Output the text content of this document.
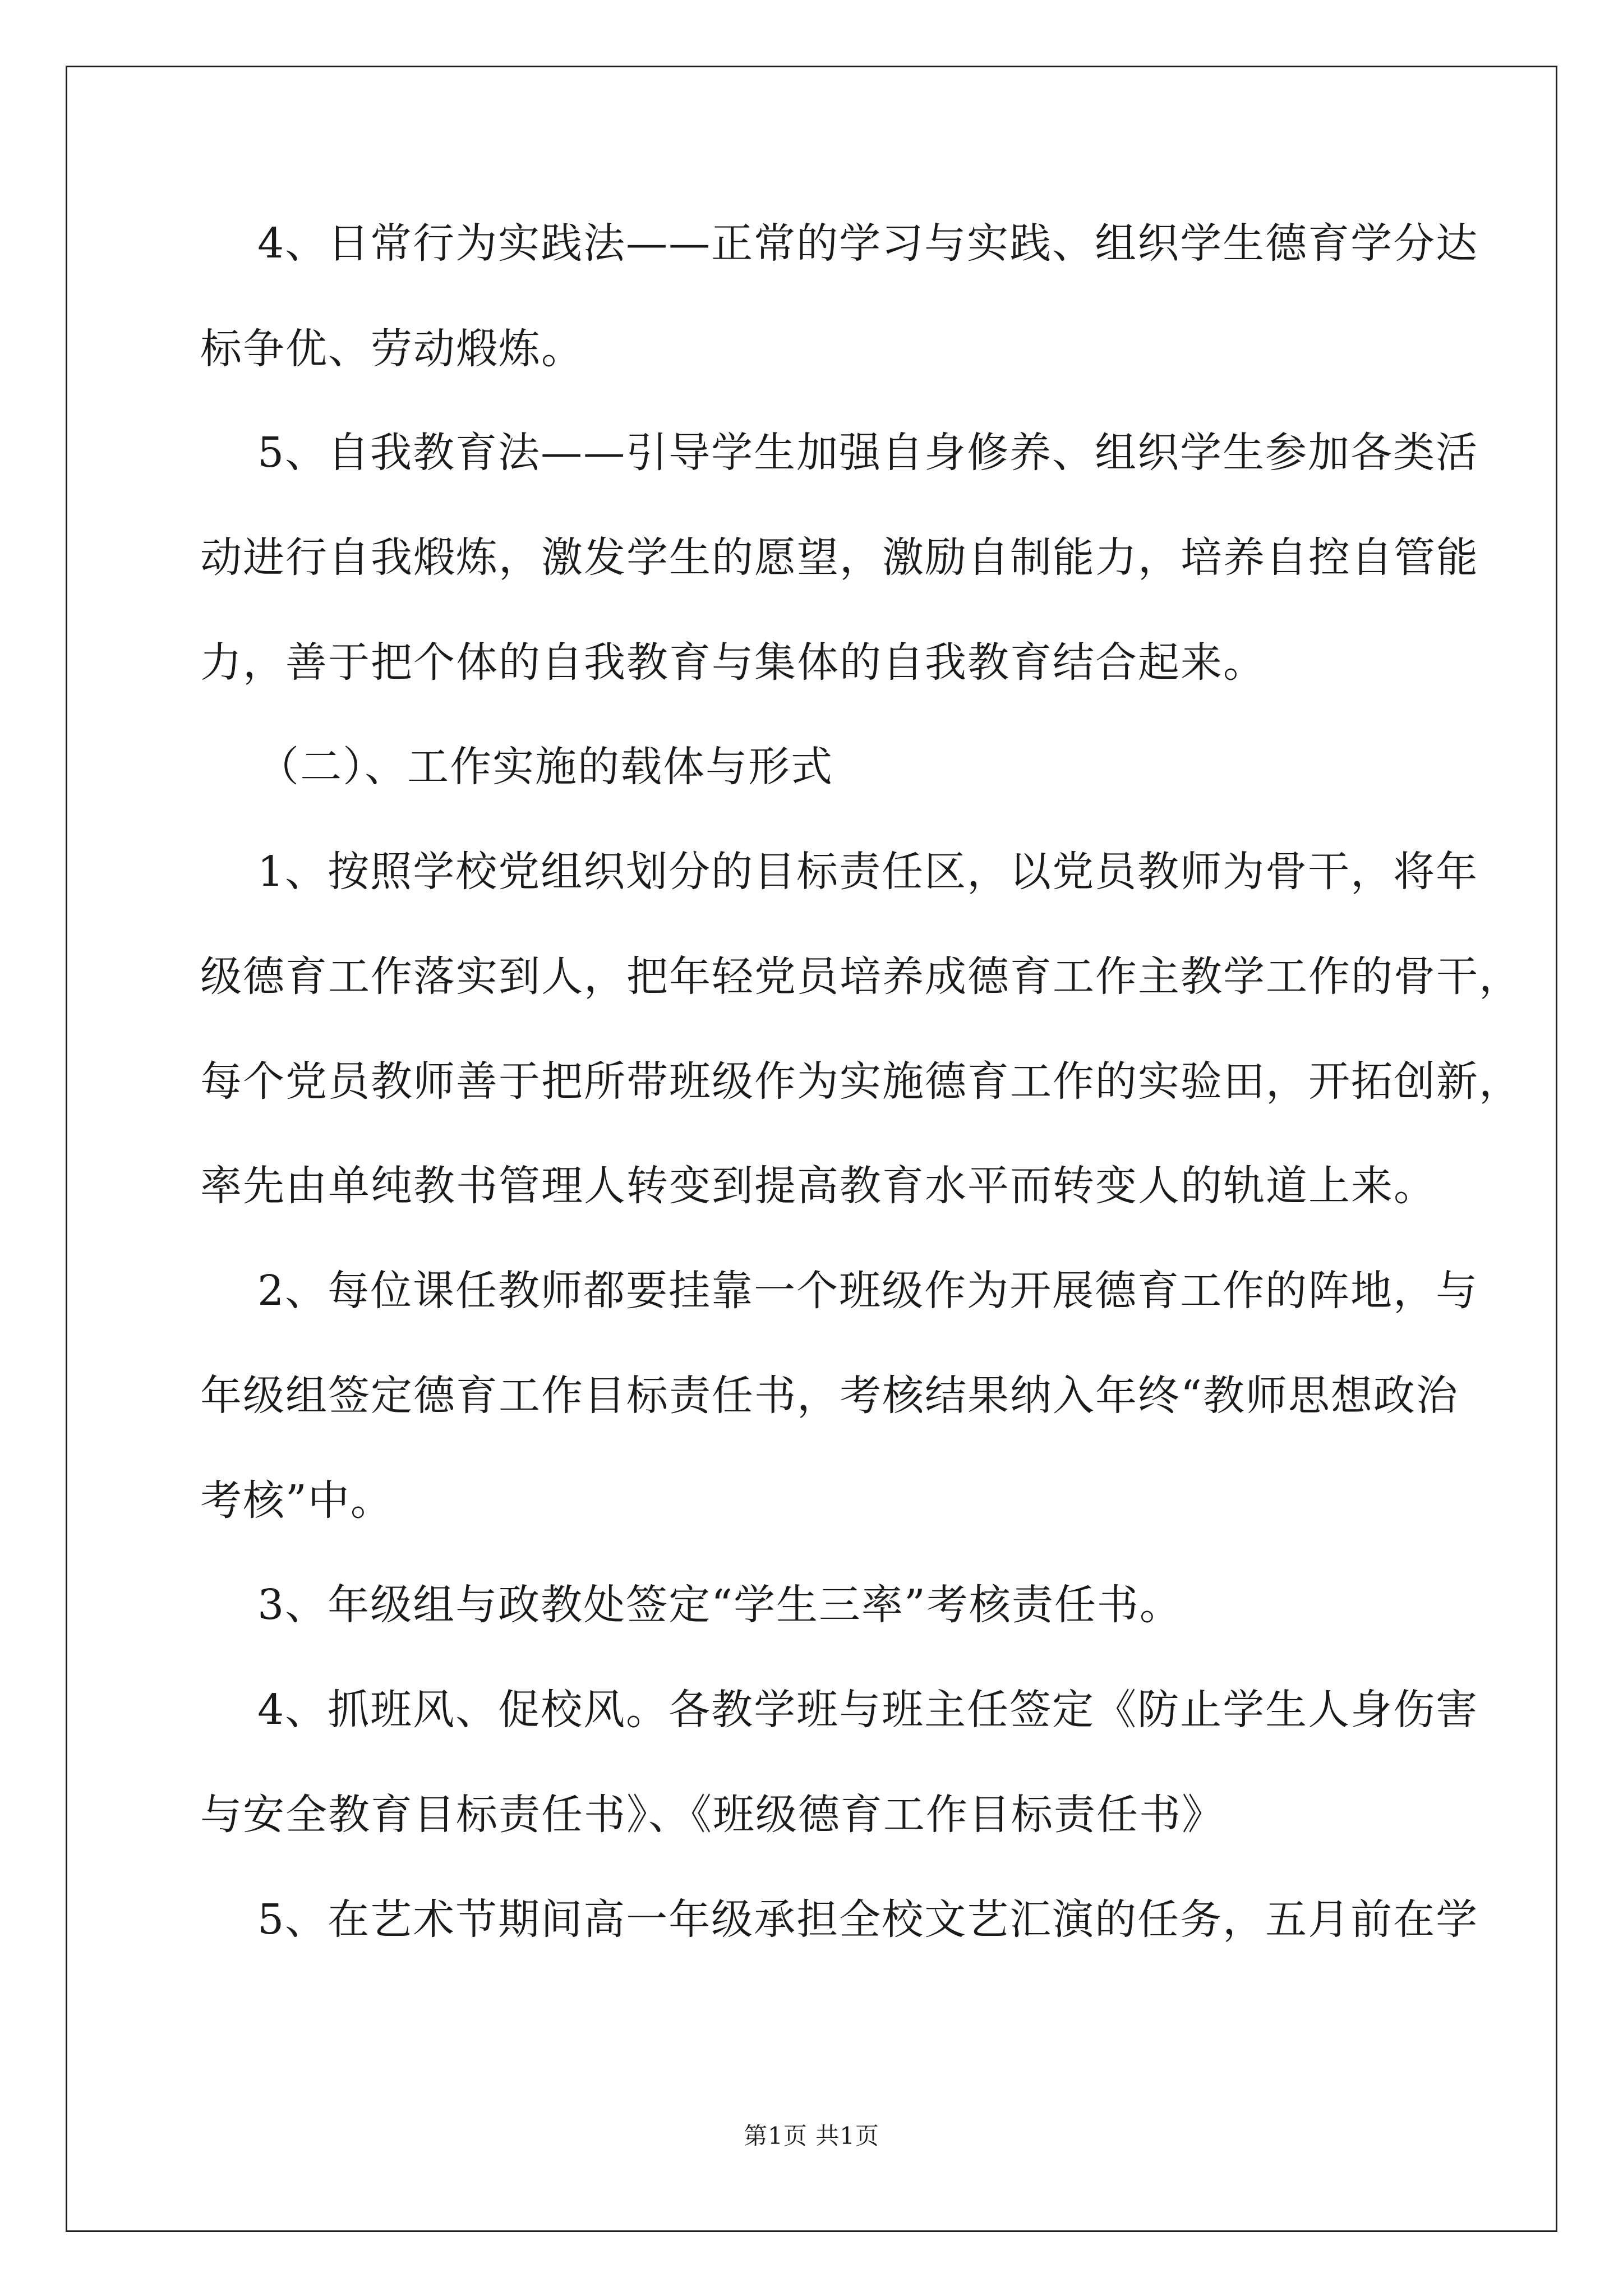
4、日常行为实践法——正常的学习与实践、组织学生德育学分达
标争优、劳动煅炼。
5、自我教育法——引导学生加强自身修养、组织学生参加各类活
动进行自我煅炼，激发学生的愿望，激励自制能力，培养自控自管能
力，善于把个体的自我教育与集体的自我教育结合起来。
（二）、工作实施的载体与形式
1、按照学校党组织划分的目标责任区，以党员教师为骨干，将年
级德育工作落实到人，把年轻党员培养成德育工作主教学工作的骨干，
每个党员教师善于把所带班级作为实施德育工作的实验田，开拓创新，
率先由单纯教书管理人转变到提高教育水平而转变人的轨道上来。
2、每位课任教师都要挂靠一个班级作为开展德育工作的阵地，与
年级组签定德育工作目标责任书，考核结果纳入年终“教师思想政治
考核”中。
3、年级组与政教处签定“学生三率”考核责任书。
4、抓班风、促校风。各教学班与班主任签定《防止学生人身伤害
与安全教育目标责任书》、《班级德育工作目标责任书》
5、在艺术节期间高一年级承担全校文艺汇演的任务，五月前在学
第1页 共1页
